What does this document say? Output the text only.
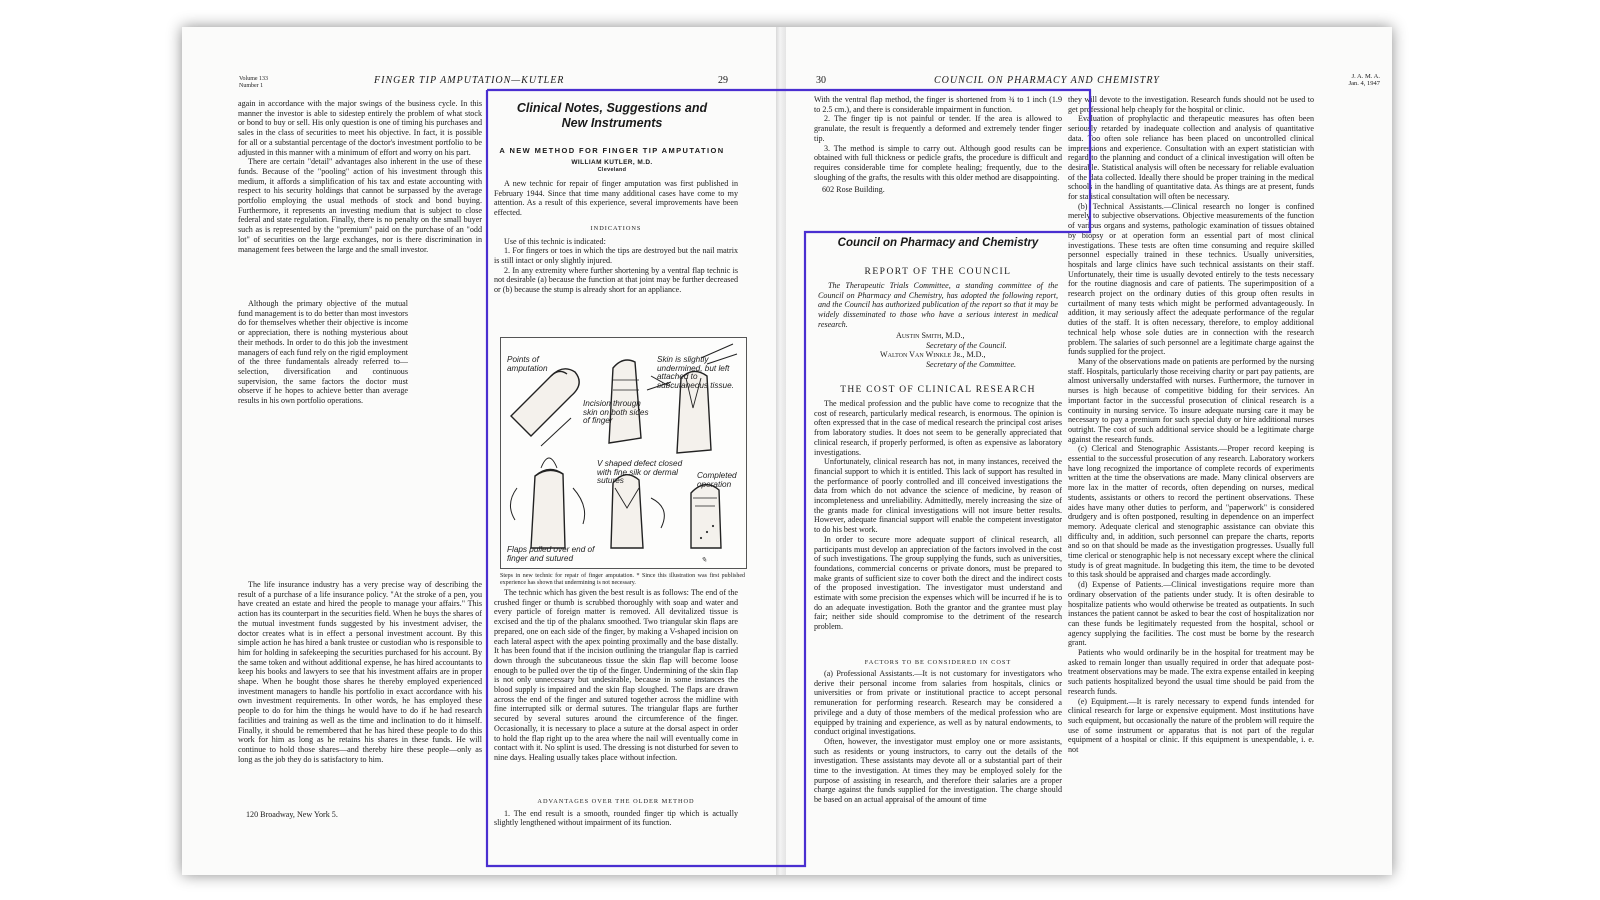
Volume 133
Number 1	FINGER TIP AMPUTATION—KUTLER	29

again in accordance with the major swings of the business cycle. In this manner the investor is able to sidestep entirely the problem of what stock or bond to buy or sell. His only question is one of timing his purchases and sales in the class of securities to meet his objective. In fact, it is possible for all or a substantial percentage of the doctor's investment portfolio to be adjusted in this manner with a minimum of effort and worry on his part.

There are certain "detail" advantages also inherent in the use of these funds. Because of the "pooling" action of his investment through this medium, it affords a simplification of his tax and estate accounting with respect to his security holdings that cannot be surpassed by the average portfolio employing the usual methods of stock and bond buying. Furthermore, it represents an investing medium that is subject to close federal and state regulation. Finally, there is no penalty on the small buyer such as is represented by the "premium" paid on the purchase of an "odd lot" of securities on the large exchanges, nor is there discrimination in management fees between the large and the small investor.

Although the primary objective of the mutual fund management is to do better than most investors do for themselves whether their objective is income or appreciation, there is nothing mysterious about their methods. In order to do this job the investment managers of each fund rely on the rigid employment of the three fundamentals already referred to—selection, diversification and continuous supervision, the same factors the doctor must observe if he hopes to achieve better than average results in his own portfolio operations.

The life insurance industry has a very precise way of describing the result of a purchase of a life insurance policy. "At the stroke of a pen, you have created an estate and hired the people to manage your affairs." This action has its counterpart in the securities field. When he buys the shares of the mutual investment funds suggested by his investment adviser, the doctor creates what is in effect a personal investment account. By this simple action he has hired a bank trustee or custodian who is responsible to him for holding in safekeeping the securities purchased for his account. By the same token and without additional expense, he has hired accountants to keep his books and lawyers to see that his investment affairs are in proper shape. When he bought those shares he thereby employed experienced investment managers to handle his portfolio in exact accordance with his own investment requirements. In other words, he has employed these people to do for him the things he would have to do if he had research facilities and training as well as the time and inclination to do it himself. Finally, it should be remembered that he has hired these people to do this work for him as long as he retains his shares in these funds. He will continue to hold those shares—and thereby hire these people—only as long as the job they do is satisfactory to him.

120 Broadway, New York 5.
Clinical Notes, Suggestions and
New Instruments
A NEW METHOD FOR FINGER TIP AMPUTATION
WILLIAM KUTLER, M.D.
Cleveland

A new technic for repair of finger amputation was first published in February 1944. Since that time many additional cases have come to my attention. As a result of this experience, several improvements have been effected.

INDICATIONS

Use of this technic is indicated:

1. For fingers or toes in which the tips are destroyed but the nail matrix is still intact or only slightly injured.

2. In any extremity where further shortening by a ventral flap technic is not desirable (a) because the function at that joint may be further decreased or (b) because the stump is already short for an appliance.

✎
Points of amputation
Incision through skin on both sides of finger
Skin is slightly undermined, but left attached to subcutaneous tissue.
V shaped defect closed with fine silk or dermal sutures
Completed operation
Flaps pulled over end of finger and sutured
Steps in new technic for repair of finger amputation. * Since this illustration was first published experience has shown that undermining is not necessary.

The technic which has given the best result is as follows: The end of the crushed finger or thumb is scrubbed thoroughly with soap and water and every particle of foreign matter is removed. All devitalized tissue is excised and the tip of the phalanx smoothed. Two triangular skin flaps are prepared, one on each side of the finger, by making a V-shaped incision on each lateral aspect with the apex pointing proximally and the base distally. It has been found that if the incision outlining the triangular flap is carried down through the subcutaneous tissue the skin flap will become loose enough to be pulled over the tip of the finger. Undermining of the skin flap is not only unnecessary but undesirable, because in some instances the blood supply is impaired and the skin flap sloughed. The flaps are drawn across the end of the finger and sutured together across the midline with fine interrupted silk or dermal sutures. The triangular flaps are further secured by several sutures around the circumference of the finger. Occasionally, it is necessary to place a suture at the dorsal aspect in order to hold the flap right up to the area where the nail will eventually come in contact with it. No splint is used. The dressing is not disturbed for seven to nine days. Healing usually takes place without infection.

ADVANTAGES OVER THE OLDER METHOD

1. The end result is a smooth, rounded finger tip which is actually slightly lengthened without impairment of its function.

30	COUNCIL ON PHARMACY AND CHEMISTRY	J. A. M. A.
Jan. 4, 1947

With the ventral flap method, the finger is shortened from ¾ to 1 inch (1.9 to 2.5 cm.), and there is considerable impairment in function.

2. The finger tip is not painful or tender. If the area is allowed to granulate, the result is frequently a deformed and extremely tender finger tip.

3. The method is simple to carry out. Although good results can be obtained with full thickness or pedicle grafts, the procedure is difficult and requires considerable time for complete healing; frequently, due to the sloughing of the grafts, the results with this older method are disappointing.

602 Rose Building.
Council on Pharmacy and Chemistry
REPORT OF THE COUNCIL

The Therapeutic Trials Committee, a standing committee of the Council on Pharmacy and Chemistry, has adopted the following report, and the Council has authorized publication of the report so that it may be widely disseminated to those who have a serious interest in medical research.

Austin Smith, M.D.,
Secretary of the Council.
Walton Van Winkle Jr., M.D.,
Secretary of the Committee.
THE COST OF CLINICAL RESEARCH

The medical profession and the public have come to recognize that the cost of research, particularly medical research, is enormous. The opinion is often expressed that in the case of medical research the principal cost arises from laboratory studies. It does not seem to be generally appreciated that clinical research, if properly performed, is often as expensive as laboratory investigations.

Unfortunately, clinical research has not, in many instances, received the financial support to which it is entitled. This lack of support has resulted in the performance of poorly controlled and ill conceived investigations the data from which do not advance the science of medicine, by reason of incompleteness and unreliability. Admittedly, merely increasing the size of the grants made for clinical investigations will not insure better results. However, adequate financial support will enable the competent investigator to do his best work.

In order to secure more adequate support of clinical research, all participants must develop an appreciation of the factors involved in the cost of such investigations. The group supplying the funds, such as universities, foundations, commercial concerns or private donors, must be prepared to make grants of sufficient size to cover both the direct and the indirect costs of the proposed investigation. The investigator must understand and estimate with some precision the expenses which will be incurred if he is to do an adequate investigation. Both the grantor and the grantee must play fair; neither side should compromise to the detriment of the research problem.

FACTORS TO BE CONSIDERED IN COST

(a) Professional Assistants.—It is not customary for investigators who derive their personal income from salaries from hospitals, clinics or universities or from private or institutional practice to accept personal remuneration for performing research. Research may be considered a privilege and a duty of those members of the medical profession who are equipped by training and experience, as well as by natural endowments, to conduct original investigations.

Often, however, the investigator must employ one or more assistants, such as residents or young instructors, to carry out the details of the investigation. These assistants may devote all or a substantial part of their time to the investigation. At times they may be employed solely for the purpose of assisting in research, and therefore their salaries are a proper charge against the funds supplied for the investigation. The charge should be based on an actual appraisal of the amount of time

they will devote to the investigation. Research funds should not be used to get professional help cheaply for the hospital or clinic.

Evaluation of prophylactic and therapeutic measures has often been seriously retarded by inadequate collection and analysis of quantitative data. Too often sole reliance has been placed on uncontrolled clinical impressions and experience. Consultation with an expert statistician with regard to the planning and conduct of a clinical investigation will often be desirable. Statistical analysis will often be necessary for reliable evaluation of the data collected. Ideally there should be proper training in the medical schools in the handling of quantitative data. As things are at present, funds for statistical consultation will often be necessary.

(b) Technical Assistants.—Clinical research no longer is confined merely to subjective observations. Objective measurements of the function of various organs and systems, pathologic examination of tissues obtained by biopsy or at operation form an essential part of most clinical investigations. These tests are often time consuming and require skilled personnel especially trained in these technics. Usually universities, hospitals and large clinics have such technical assistants on their staff. Unfortunately, their time is usually devoted entirely to the tests necessary for the routine diagnosis and care of patients. The superimposition of a research project on the ordinary duties of this group often results in curtailment of many tests which might be performed advantageously. In addition, it may seriously affect the adequate performance of the regular duties of the staff. It is often necessary, therefore, to employ additional technical help whose sole duties are in connection with the research problem. The salaries of such personnel are a legitimate charge against the funds supplied for the project.

Many of the observations made on patients are performed by the nursing staff. Hospitals, particularly those receiving charity or part pay patients, are almost universally understaffed with nurses. Furthermore, the turnover in nurses is high because of competitive bidding for their services. An important factor in the successful prosecution of clinical research is a continuity in nursing service. To insure adequate nursing care it may be necessary to pay a premium for such special duty or hire additional nurses outright. The cost of such additional service should be a legitimate charge against the research funds.

(c) Clerical and Stenographic Assistants.—Proper record keeping is essential to the successful prosecution of any research. Laboratory workers have long recognized the importance of complete records of experiments written at the time the observations are made. Many clinical observers are more lax in the matter of records, often depending on nurses, medical students, assistants or others to record the pertinent observations. These aides have many other duties to perform, and "paperwork" is considered drudgery and is often postponed, resulting in dependence on an imperfect memory. Adequate clerical and stenographic assistance can obviate this difficulty and, in addition, such personnel can prepare the charts, reports and so on that should be made as the investigation progresses. Usually full time clerical or stenographic help is not necessary except where the clinical study is of great magnitude. In budgeting this item, the time to be devoted to this task should be appraised and charges made accordingly.

(d) Expense of Patients.—Clinical investigations require more than ordinary observation of the patients under study. It is often desirable to hospitalize patients who would otherwise be treated as outpatients. In such instances the patient cannot be asked to bear the cost of hospitalization nor can these funds be legitimately requested from the hospital, school or agency supplying the facilities. The cost must be borne by the research grant.

Patients who would ordinarily be in the hospital for treatment may be asked to remain longer than usually required in order that adequate post-treatment observations may be made. The extra expense entailed in keeping such patients hospitalized beyond the usual time should be paid from the research funds.

(e) Equipment.—It is rarely necessary to expend funds intended for clinical research for large or expensive equipment. Most institutions have such equipment, but occasionally the nature of the problem will require the use of some instrument or apparatus that is not part of the regular equipment of a hospital or clinic. If this equipment is unexpendable, i. e. not
